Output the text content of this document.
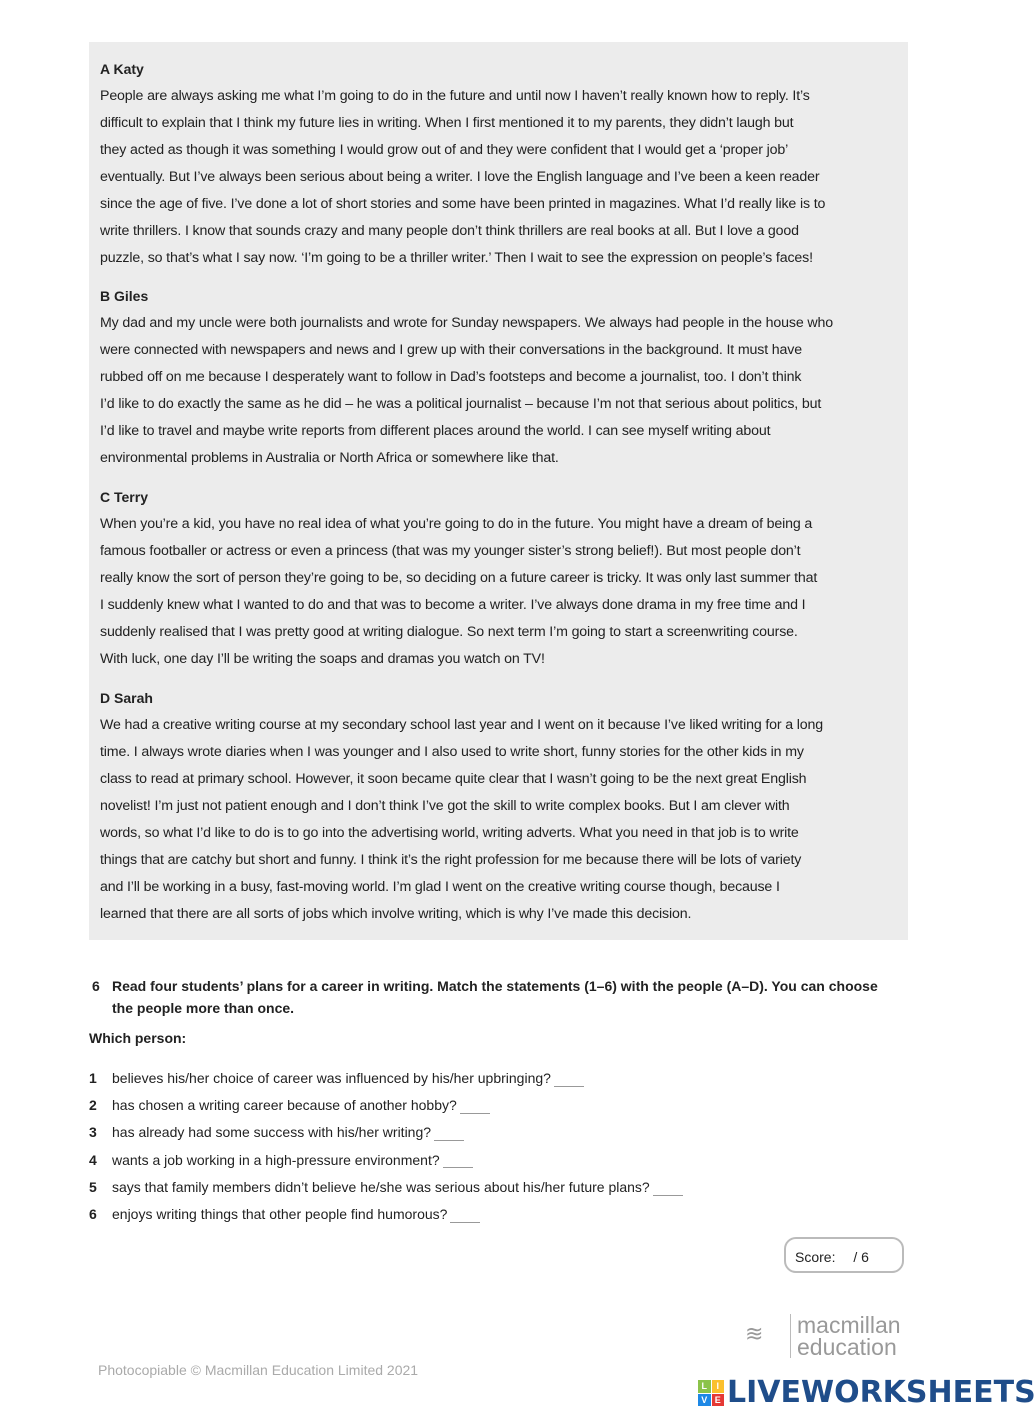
A Katy
People are always asking me what I’m going to do in the future and until now I haven’t really known how to reply. It’s
difficult to explain that I think my future lies in writing. When I first mentioned it to my parents, they didn’t laugh but
they acted as though it was something I would grow out of and they were confident that I would get a ‘proper job’
eventually. But I’ve always been serious about being a writer. I love the English language and I’ve been a keen reader
since the age of five. I’ve done a lot of short stories and some have been printed in magazines. What I’d really like is to
write thrillers. I know that sounds crazy and many people don’t think thrillers are real books at all. But I love a good
puzzle, so that’s what I say now. ‘I’m going to be a thriller writer.’ Then I wait to see the expression on people’s faces!
B Giles
My dad and my uncle were both journalists and wrote for Sunday newspapers. We always had people in the house who
were connected with newspapers and news and I grew up with their conversations in the background. It must have
rubbed off on me because I desperately want to follow in Dad’s footsteps and become a journalist, too. I don’t think
I’d like to do exactly the same as he did – he was a political journalist – because I’m not that serious about politics, but
I’d like to travel and maybe write reports from different places around the world. I can see myself writing about
environmental problems in Australia or North Africa or somewhere like that.
C Terry
When you’re a kid, you have no real idea of what you’re going to do in the future. You might have a dream of being a
famous footballer or actress or even a princess (that was my younger sister’s strong belief!). But most people don’t
really know the sort of person they’re going to be, so deciding on a future career is tricky. It was only last summer that
I suddenly knew what I wanted to do and that was to become a writer. I’ve always done drama in my free time and I
suddenly realised that I was pretty good at writing dialogue. So next term I’m going to start a screenwriting course.
With luck, one day I’ll be writing the soaps and dramas you watch on TV!
D Sarah
We had a creative writing course at my secondary school last year and I went on it because I’ve liked writing for a long
time. I always wrote diaries when I was younger and I also used to write short, funny stories for the other kids in my
class to read at primary school. However, it soon became quite clear that I wasn’t going to be the next great English
novelist! I’m just not patient enough and I don’t think I’ve got the skill to write complex books. But I am clever with
words, so what I’d like to do is to go into the advertising world, writing adverts. What you need in that job is to write
things that are catchy but short and funny. I think it’s the right profession for me because there will be lots of variety
and I’ll be working in a busy, fast-moving world. I’m glad I went on the creative writing course though, because I
learned that there are all sorts of jobs which involve writing, which is why I’ve made this decision.
6 Read four students’ plans for a career in writing. Match the statements (1–6) with the people (A–D). You can choose the people more than once.
Which person:
1 believes his/her choice of career was influenced by his/her upbringing?
2 has chosen a writing career because of another hobby?
3 has already had some success with his/her writing?
4 wants a job working in a high-pressure environment?
5 says that family members didn’t believe he/she was serious about his/her future plans?
6 enjoys writing things that other people find humorous?
Score: / 6
Photocopiable © Macmillan Education Limited 2021
≋	macmillan
education
L	I
V E LIVEWORKSHEETS
